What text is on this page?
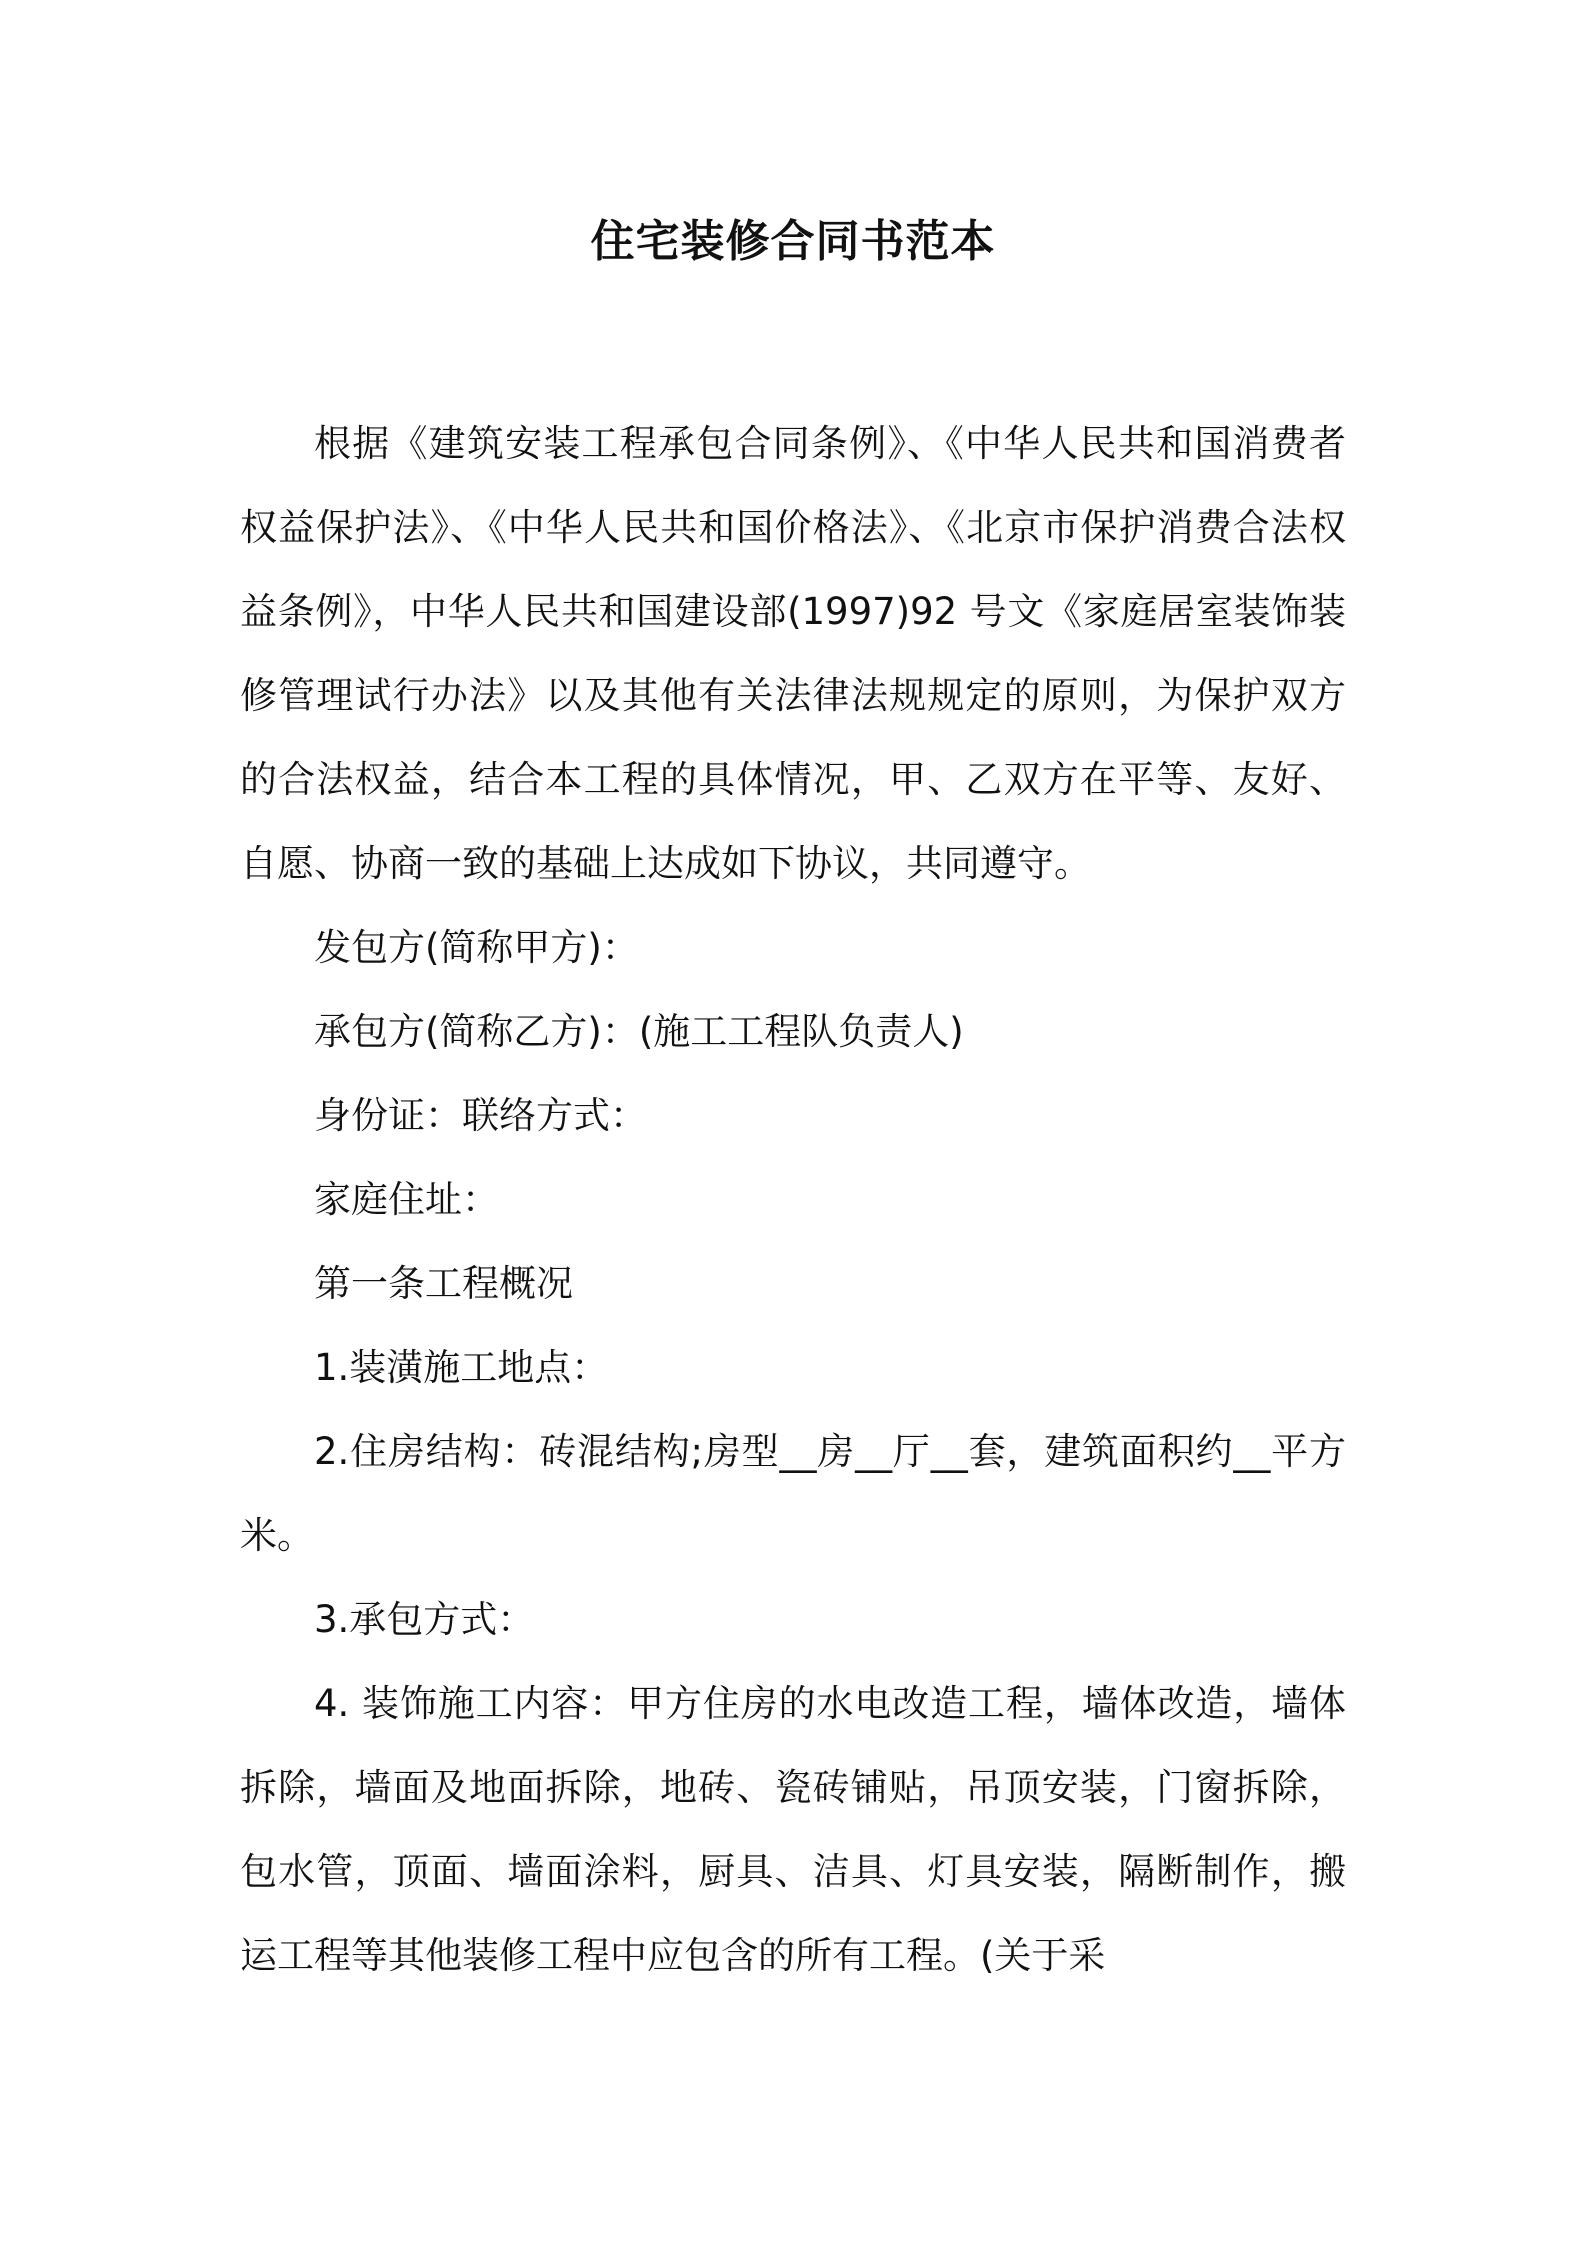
住宅装修合同书范本

根据《建筑安装工程承包合同条例》、《中华人民共和国消费者权益保护法》、《中华人民共和国价格法》、《北京市保护消费合法权益条例》，中华人民共和国建设部(1997)92 号文《家庭居室装饰装修管理试行办法》以及其他有关法律法规规定的原则，为保护双方的合法权益，结合本工程的具体情况，甲、乙双方在平等、友好、自愿、协商一致的基础上达成如下协议，共同遵守。

发包方(简称甲方)：

承包方(简称乙方)：(施工工程队负责人)

身份证：联络方式：

家庭住址：

第一条工程概况

1.装潢施工地点：

2.住房结构：砖混结构;房型__房__厅__套，建筑面积约__平方米。

3.承包方式：

4. 装饰施工内容：甲方住房的水电改造工程，墙体改造，墙体拆除，墙面及地面拆除，地砖、瓷砖铺贴，吊顶安装，门窗拆除，包水管，顶面、墙面涂料，厨具、洁具、灯具安装，隔断制作，搬运工程等其他装修工程中应包含的所有工程。(关于采
